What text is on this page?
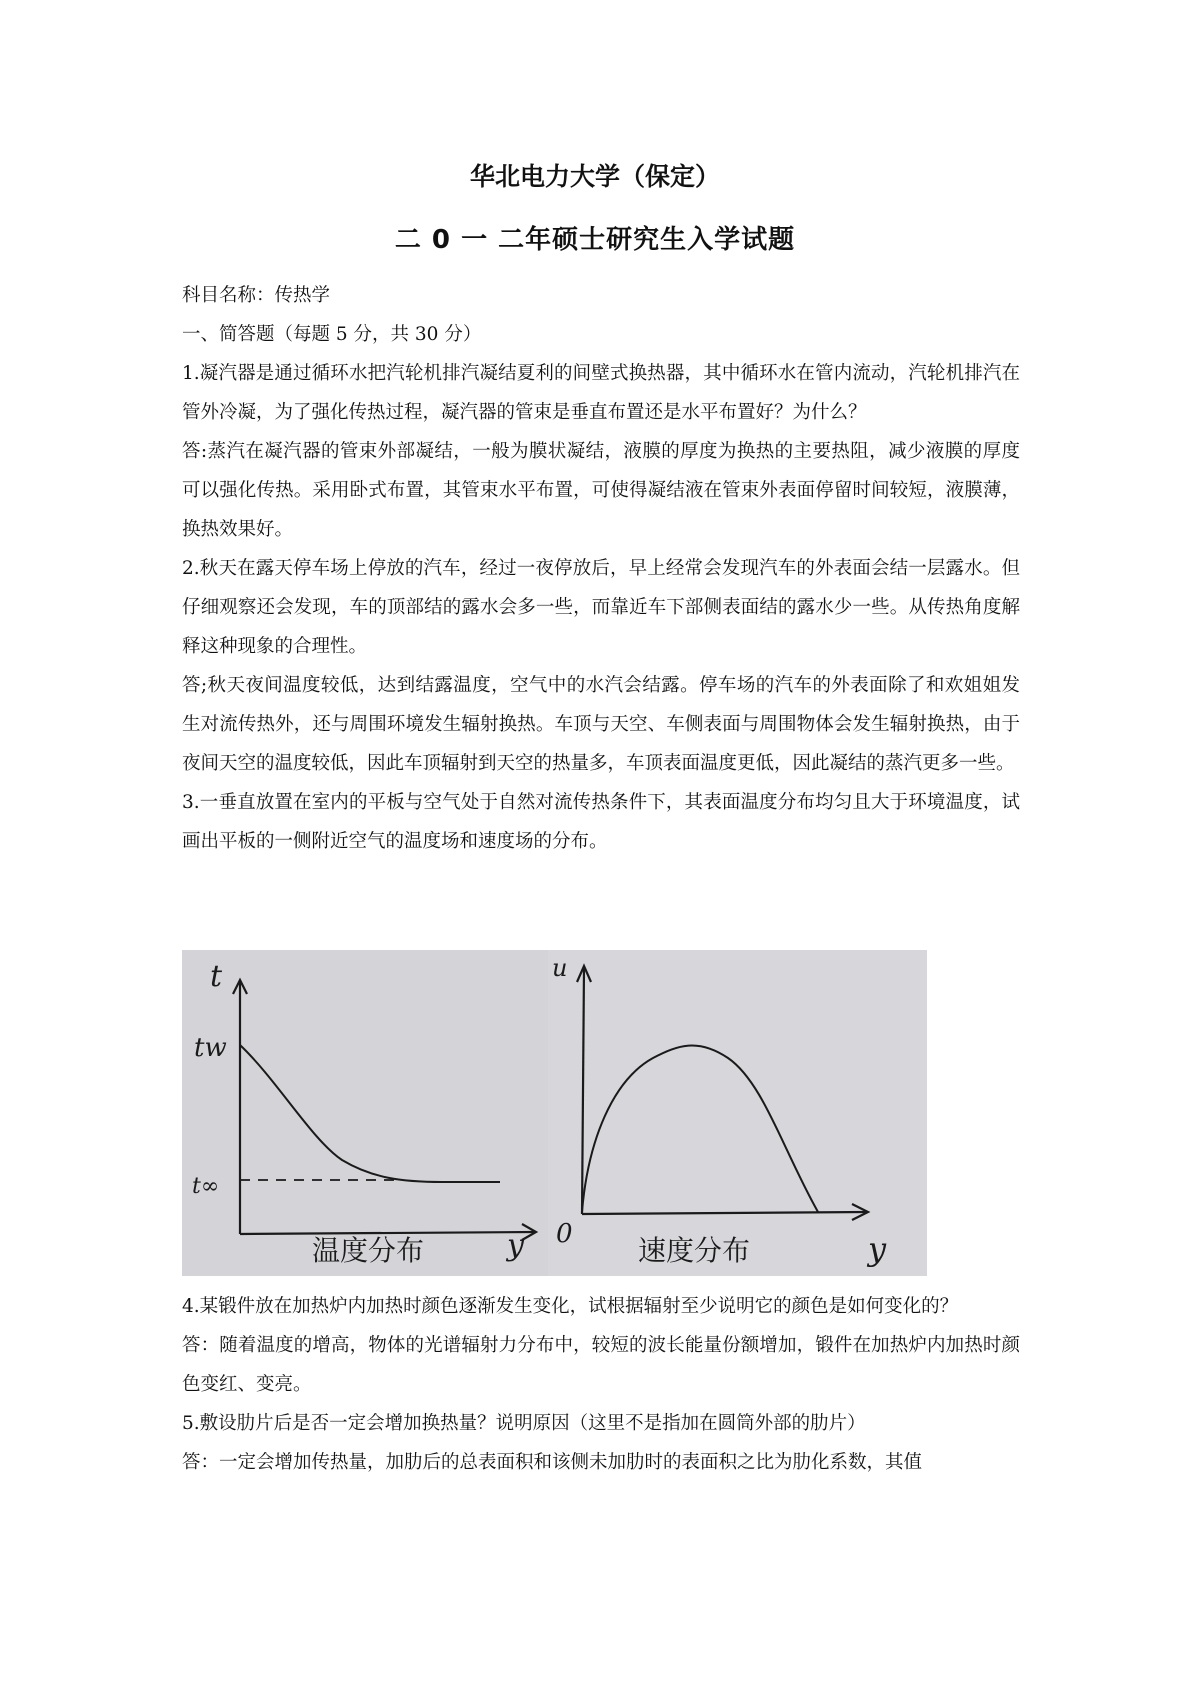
华北电力大学（保定）
二 0 一 二年硕士研究生入学试题

科目名称：传热学

一、简答题（每题 5 分，共 30 分）

1.凝汽器是通过循环水把汽轮机排汽凝结夏利的间壁式换热器，其中循环水在管内流动，汽轮机排汽在管外冷凝，为了强化传热过程，凝汽器的管束是垂直布置还是水平布置好？为什么？

答:蒸汽在凝汽器的管束外部凝结，一般为膜状凝结，液膜的厚度为换热的主要热阻，减少液膜的厚度可以强化传热。采用卧式布置，其管束水平布置，可使得凝结液在管束外表面停留时间较短，液膜薄，换热效果好。

2.秋天在露天停车场上停放的汽车，经过一夜停放后，早上经常会发现汽车的外表面会结一层露水。但仔细观察还会发现，车的顶部结的露水会多一些，而靠近车下部侧表面结的露水少一些。从传热角度解释这种现象的合理性。

答;秋天夜间温度较低，达到结露温度，空气中的水汽会结露。停车场的汽车的外表面除了和欢姐姐发生对流传热外，还与周围环境发生辐射换热。车顶与天空、车侧表面与周围物体会发生辐射换热，由于夜间天空的温度较低，因此车顶辐射到天空的热量多，车顶表面温度更低，因此凝结的蒸汽更多一些。

3.一垂直放置在室内的平板与空气处于自然对流传热条件下，其表面温度分布均匀且大于环境温度，试画出平板的一侧附近空气的温度场和速度场的分布。

t
tw
t∞
y
温度分布
u
0	y
速度分布

4.某锻件放在加热炉内加热时颜色逐渐发生变化，试根据辐射至少说明它的颜色是如何变化的？

答：随着温度的增高，物体的光谱辐射力分布中，较短的波长能量份额增加，锻件在加热炉内加热时颜色变红、变亮。

5.敷设肋片后是否一定会增加换热量？说明原因（这里不是指加在圆筒外部的肋片）

答：一定会增加传热量，加肋后的总表面积和该侧未加肋时的表面积之比为肋化系数，其值
